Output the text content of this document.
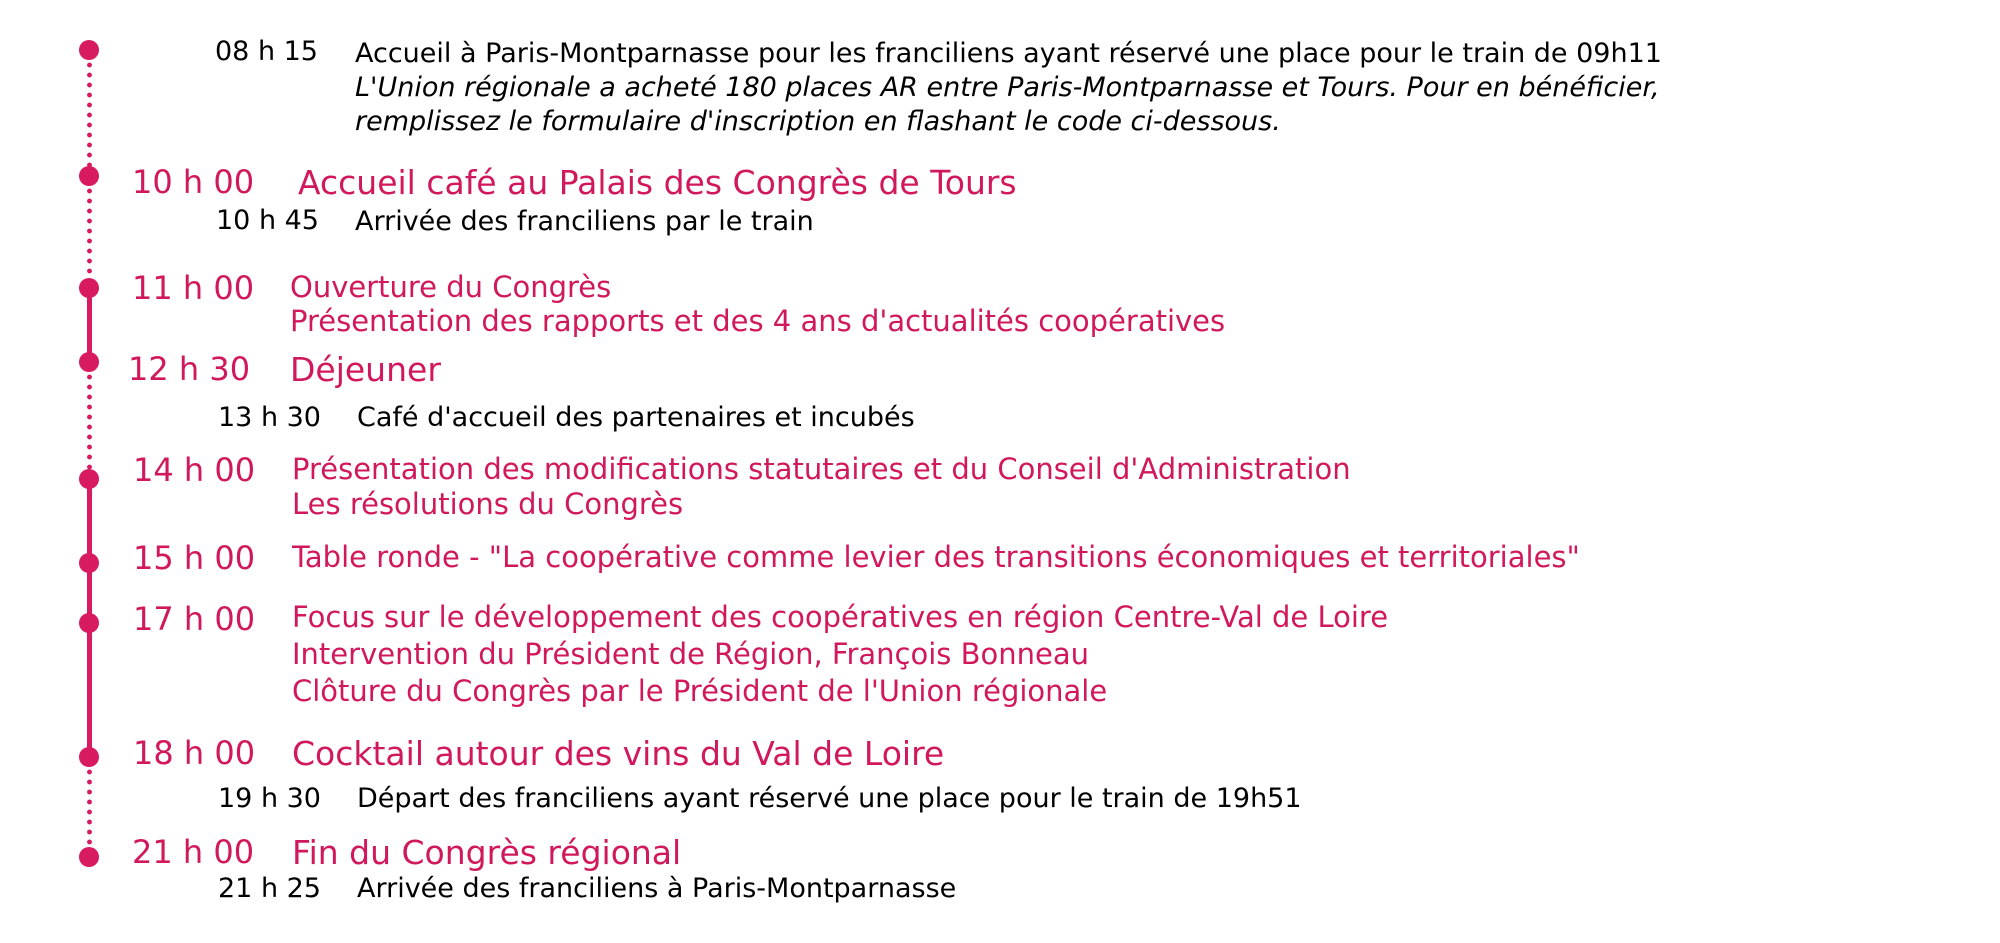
08 h 15 Accueil à Paris-Montparnasse pour les franciliens ayant réservé une place pour le train de 09h11
L'Union régionale a acheté 180 places AR entre Paris-Montparnasse et Tours. Pour en bénéficier,
remplissez le formulaire d'inscription en flashant le code ci-dessous.
10 h 00 Accueil café au Palais des Congrès de Tours
10 h 45 Arrivée des franciliens par le train
11 h 00 Ouverture du Congrès
Présentation des rapports et des 4 ans d'actualités coopératives
12 h 30 Déjeuner
13 h 30 Café d'accueil des partenaires et incubés
14 h 00 Présentation des modifications statutaires et du Conseil d'Administration
Les résolutions du Congrès
15 h 00 Table ronde - "La coopérative comme levier des transitions économiques et territoriales"
17 h 00 Focus sur le développement des coopératives en région Centre-Val de Loire
Intervention du Président de Région, François Bonneau
Clôture du Congrès par le Président de l'Union régionale
18 h 00 Cocktail autour des vins du Val de Loire
19 h 30 Départ des franciliens ayant réservé une place pour le train de 19h51
21 h 00 Fin du Congrès régional
21 h 25 Arrivée des franciliens à Paris-Montparnasse
